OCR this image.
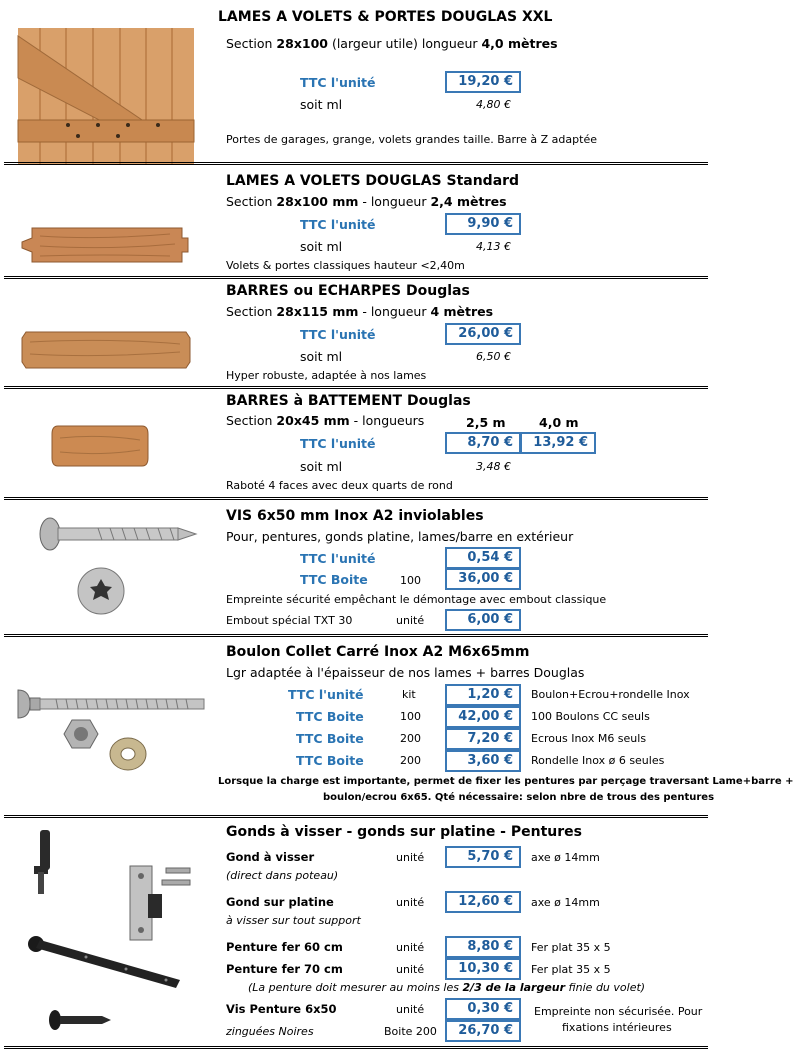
LAMES A VOLETS & PORTES DOUGLAS XXL
Section 28x100 (largeur utile) longueur 4,0 mètres
TTC l'unité	19,20 €
soit ml	4,80 €
Portes de garages, grange, volets grandes taille. Barre à Z adaptée
LAMES A VOLETS DOUGLAS Standard
Section 28x100 mm - longueur 2,4 mètres
TTC l'unité	9,90 €
soit ml	4,13 €
Volets & portes classiques hauteur <2,40m
BARRES ou ECHARPES Douglas
Section 28x115 mm - longueur 4 mètres
TTC l'unité	26,00 €
soit ml	6,50 €
Hyper robuste, adaptée à nos lames
BARRES à BATTEMENT Douglas
Section 20x45 mm - longueurs	2,5 m	4,0 m
TTC l'unité	8,70 €	13,92 €
soit ml	3,48 €
Raboté 4 faces avec deux quarts de rond
VIS 6x50 mm Inox A2 inviolables
Pour, pentures, gonds platine, lames/barre en extérieur
TTC l'unité	0,54 €
TTC Boite	100	36,00 €
Empreinte sécurité empêchant le démontage avec embout classique
Embout spécial TXT 30	unité	6,00 €
Boulon Collet Carré Inox A2 M6x65mm
Lgr adaptée à l'épaisseur de nos lames + barres Douglas
TTC l'unité	kit	1,20 €	Boulon+Ecrou+rondelle Inox
TTC Boite	100	42,00 €	100 Boulons CC seuls
TTC Boite	200	7,20 €	Ecrous Inox M6 seuls
TTC Boite	200	3,60 €	Rondelle Inox ø 6 seules
Lorsque la charge est importante, permet de fixer les pentures par perçage traversant Lame+barre +
boulon/ecrou 6x65. Qté nécessaire: selon nbre de trous des pentures
Gonds à visser - gonds sur platine - Pentures
Gond à visser	unité	5,70 €	axe ø 14mm
(direct dans poteau)
Gond sur platine	unité	12,60 €	axe ø 14mm
à visser sur tout support
Penture fer 60 cm	unité	8,80 €	Fer plat 35 x 5
Penture fer 70 cm	unité	10,30 €	Fer plat 35 x 5
(La penture doit mesurer au moins les 2/3 de la largeur finie du volet)
Vis Penture 6x50	unité	0,30 €
zinguées Noires	Boite 200	26,70 €
Empreinte non sécurisée. Pour
fixations intérieures
